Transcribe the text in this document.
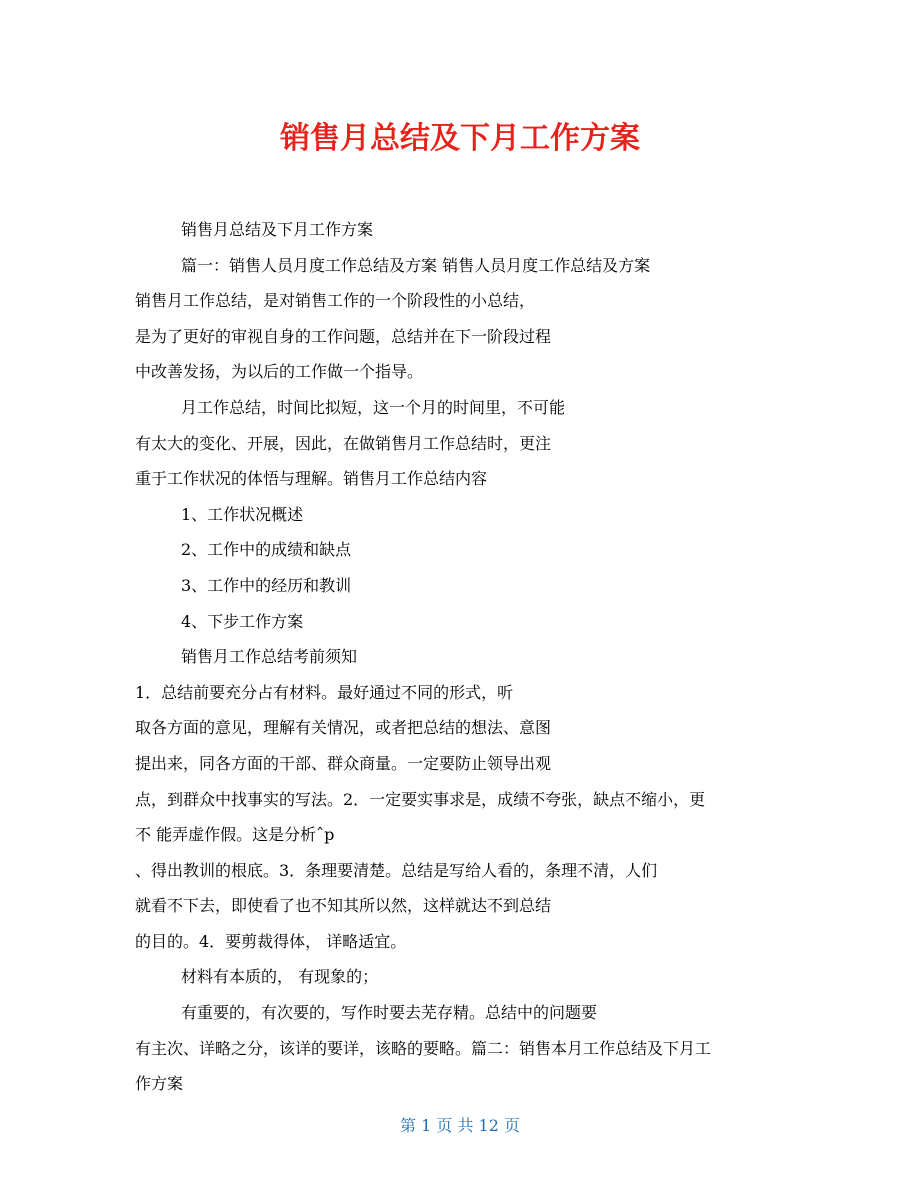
销售月总结及下月工作方案
销售月总结及下月工作方案
篇一：销售人员月度工作总结及方案 销售人员月度工作总结及方案
销售月工作总结，是对销售工作的一个阶段性的小总结，
是为了更好的审视自身的工作问题，总结并在下一阶段过程
中改善发扬，为以后的工作做一个指导。
月工作总结，时间比拟短，这一个月的时间里，不可能
有太大的变化、开展，因此，在做销售月工作总结时，更注
重于工作状况的体悟与理解。销售月工作总结内容
1、工作状况概述
2、工作中的成绩和缺点
3、工作中的经历和教训
4、下步工作方案
销售月工作总结考前须知
1．总结前要充分占有材料。最好通过不同的形式，听
取各方面的意见，理解有关情况，或者把总结的想法、意图
提出来，同各方面的干部、群众商量。一定要防止领导出观
点，到群众中找事实的写法。2．一定要实事求是，成绩不夸张，缺点不缩小，更
不 能弄虚作假。这是分析ˆp
、得出教训的根底。3．条理要清楚。总结是写给人看的，条理不清，人们
就看不下去，即使看了也不知其所以然，这样就达不到总结
的目的。4．要剪裁得体， 详略适宜。
材料有本质的， 有现象的；
有重要的，有次要的，写作时要去芜存精。总结中的问题要
有主次、详略之分，该详的要详，该略的要略。篇二：销售本月工作总结及下月工
作方案
第 1 页 共 12 页
